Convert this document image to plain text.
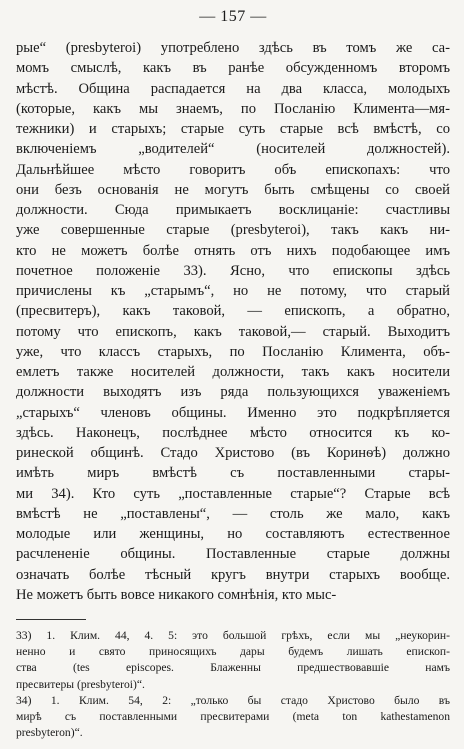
— 157 —
рые“ (presbyteroi) употреблено здѣсь въ томъ же са-
момъ смыслѣ, какъ въ ранѣе обсужденномъ второмъ
мѣстѣ. Община распадается на два класса, молодыхъ
(которые, какъ мы знаемъ, по Посланію Климента—мя-
тежники) и старыхъ; старые суть старые всѣ вмѣстѣ, со
включеніемъ „водителей“ (носителей должностей).
Дальнѣйшее мѣсто говоритъ объ епископахъ: что
они безъ основанія не могутъ быть смѣщены со своей
должности. Сюда примыкаетъ восклицаніе: счастливы
уже совершенные старые (presbyteroi), такъ какъ ни-
кто не можетъ болѣе отнять отъ нихъ подобающее имъ
почетное положеніе 33). Ясно, что епископы здѣсь
причислены къ „старымъ“, но не потому, что старый
(пресвитеръ), какъ таковой, — епископъ, а обратно,
потому что епископъ, какъ таковой,— старый. Выходитъ
уже, что классъ старыхъ, по Посланію Климента, объ-
емлетъ также носителей должности, такъ какъ носители
должности выходятъ изъ ряда пользующихся уваженіемъ
„старыхъ“ членовъ общины. Именно это подкрѣпляется
здѣсь. Наконецъ, послѣднее мѣсто относится къ ко-
ринеской общинѣ. Стадо Христово (въ Коринѳѣ) должно
имѣть миръ вмѣстѣ съ поставленными стары-
ми 34). Кто суть „поставленные старые“? Старые всѣ
вмѣстѣ не „поставлены“, — столь же мало, какъ
молодые или женщины, но составляютъ естественное
расчлененіе общины. Поставленные старые должны
означать болѣе тѣсный кругъ внутри старыхъ вообще.
Не можетъ быть вовсе никакого сомнѣнія, кто мыс-
33) 1. Клим. 44, 4. 5: это большой грѣхъ, если мы „неукорин-
ненно и свято приносящихъ дары будемъ лишать епископ-
ства (tes episcopes. Блаженны предшествовавшіе намъ
пресвитеры (presbyteroi)“.
34) 1. Клим. 54, 2: „только бы стадо Христово было въ
мирѣ съ поставленными пресвитерами (meta ton kathestamenon
presbyteron)“.
